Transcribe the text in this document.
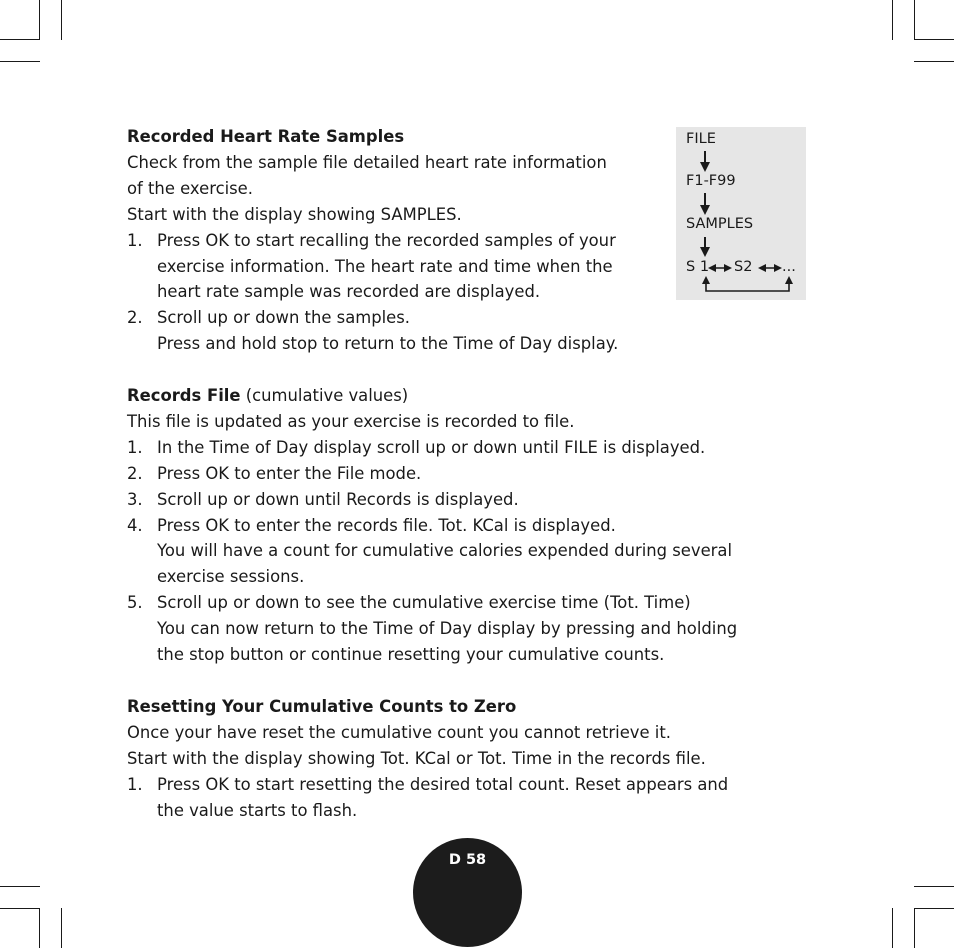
Recorded Heart Rate Samples
Check from the sample file detailed heart rate information
of the exercise.
Start with the display showing SAMPLES.
1. Press OK to start recalling the recorded samples of your
exercise information. The heart rate and time when the
heart rate sample was recorded are displayed.
2. Scroll up or down the samples.
Press and hold stop to return to the Time of Day display.
Records File (cumulative values)
This file is updated as your exercise is recorded to file.
1. In the Time of Day display scroll up or down until FILE is displayed.
2. Press OK to enter the File mode.
3. Scroll up or down until Records is displayed.
4. Press OK to enter the records file. Tot. KCal is displayed.
You will have a count for cumulative calories expended during several
exercise sessions.
5. Scroll up or down to see the cumulative exercise time (Tot. Time)
You can now return to the Time of Day display by pressing and holding
the stop button or continue resetting your cumulative counts.
Resetting Your Cumulative Counts to Zero
Once your have reset the cumulative count you cannot retrieve it.
Start with the display showing Tot. KCal or Tot. Time in the records file.
1. Press OK to start resetting the desired total count. Reset appears and
the value starts to flash.
FILE
F1-F99
SAMPLES
S 1 S2 ...
D 58
